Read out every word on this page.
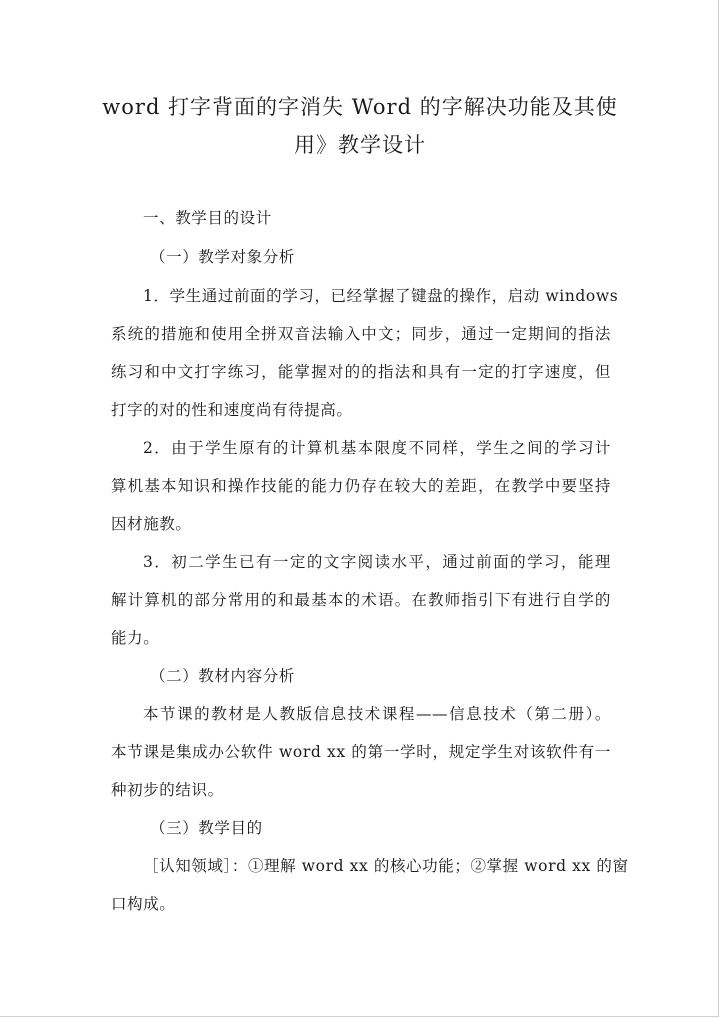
word 打字背面的字消失 Word 的字解决功能及其使
用》教学设计
一、教学目的设计
（一）教学对象分析
1．学生通过前面的学习，已经掌握了键盘的操作，启动 windows
系统的措施和使用全拼双音法输入中文；同步，通过一定期间的指法
练习和中文打字练习，能掌握对的的指法和具有一定的打字速度，但
打字的对的性和速度尚有待提高。
2．由于学生原有的计算机基本限度不同样，学生之间的学习计
算机基本知识和操作技能的能力仍存在较大的差距，在教学中要坚持
因材施教。
3．初二学生已有一定的文字阅读水平，通过前面的学习，能理
解计算机的部分常用的和最基本的术语。在教师指引下有进行自学的
能力。
（二）教材内容分析
本节课的教材是人教版信息技术课程——信息技术（第二册）。
本节课是集成办公软件 word xx 的第一学时，规定学生对该软件有一
种初步的结识。
（三）教学目的
［认知领域］：①理解 word xx 的核心功能；②掌握 word xx 的窗
口构成。
